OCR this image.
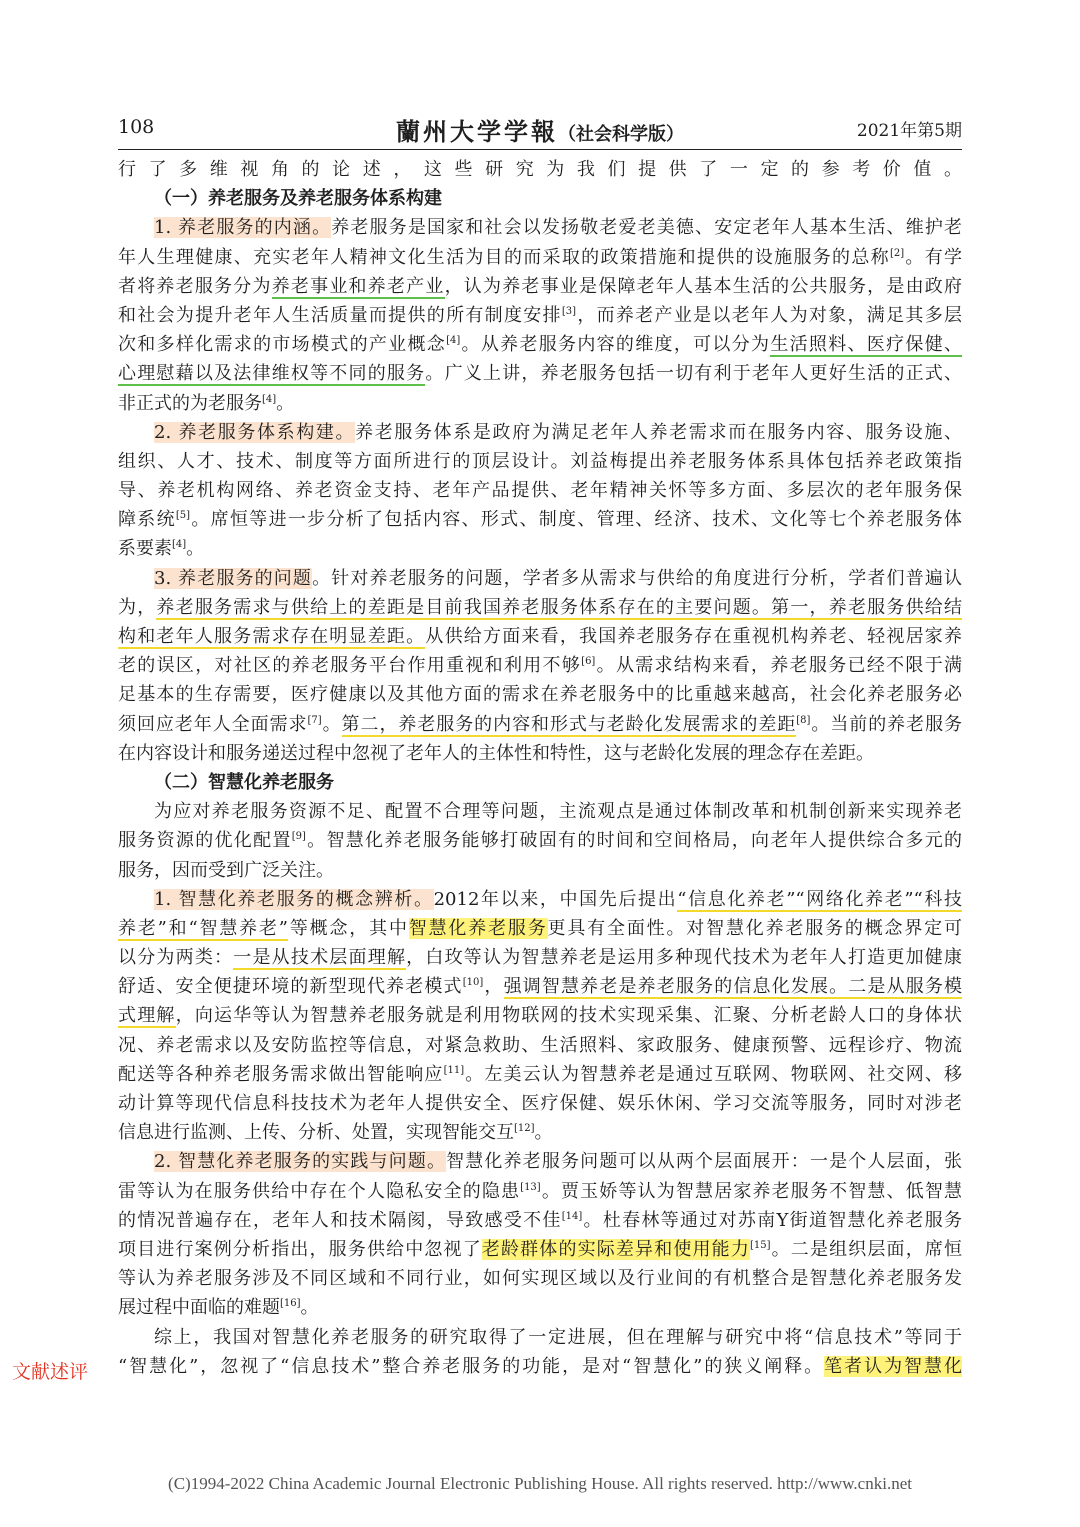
108	蘭州大学学報（社会科学版）	2021年第5期
行了多维视角的论述，这些研究为我们提供了一定的参考价值。
（一）养老服务及养老服务体系构建
1. 养老服务的内涵。养老服务是国家和社会以发扬敬老爱老美德、安定老年人基本生活、维护老
年人生理健康、充实老年人精神文化生活为目的而采取的政策措施和提供的设施服务的总称[2]。有学
者将养老服务分为养老事业和养老产业，认为养老事业是保障老年人基本生活的公共服务，是由政府
和社会为提升老年人生活质量而提供的所有制度安排[3]，而养老产业是以老年人为对象，满足其多层
次和多样化需求的市场模式的产业概念[4]。从养老服务内容的维度，可以分为生活照料、医疗保健、
心理慰藉以及法律维权等不同的服务。广义上讲，养老服务包括一切有利于老年人更好生活的正式、
非正式的为老服务[4]。
2. 养老服务体系构建。养老服务体系是政府为满足老年人养老需求而在服务内容、服务设施、
组织、人才、技术、制度等方面所进行的顶层设计。刘益梅提出养老服务体系具体包括养老政策指
导、养老机构网络、养老资金支持、老年产品提供、老年精神关怀等多方面、多层次的老年服务保
障系统[5]。席恒等进一步分析了包括内容、形式、制度、管理、经济、技术、文化等七个养老服务体
系要素[4]。
3. 养老服务的问题。针对养老服务的问题，学者多从需求与供给的角度进行分析，学者们普遍认
为，养老服务需求与供给上的差距是目前我国养老服务体系存在的主要问题。第一，养老服务供给结
构和老年人服务需求存在明显差距。从供给方面来看，我国养老服务存在重视机构养老、轻视居家养
老的误区，对社区的养老服务平台作用重视和利用不够[6]。从需求结构来看，养老服务已经不限于满
足基本的生存需要，医疗健康以及其他方面的需求在养老服务中的比重越来越高，社会化养老服务必
须回应老年人全面需求[7]。第二，养老服务的内容和形式与老龄化发展需求的差距[8]。当前的养老服务
在内容设计和服务递送过程中忽视了老年人的主体性和特性，这与老龄化发展的理念存在差距。
（二）智慧化养老服务
为应对养老服务资源不足、配置不合理等问题，主流观点是通过体制改革和机制创新来实现养老
服务资源的优化配置[9]。智慧化养老服务能够打破固有的时间和空间格局，向老年人提供综合多元的
服务，因而受到广泛关注。
1. 智慧化养老服务的概念辨析。2012年以来，中国先后提出“信息化养老”“网络化养老”“科技
养老”和“智慧养老”等概念，其中智慧化养老服务更具有全面性。对智慧化养老服务的概念界定可
以分为两类：一是从技术层面理解，白玫等认为智慧养老是运用多种现代技术为老年人打造更加健康
舒适、安全便捷环境的新型现代养老模式[10]，强调智慧养老是养老服务的信息化发展。二是从服务模
式理解，向运华等认为智慧养老服务就是利用物联网的技术实现采集、汇聚、分析老龄人口的身体状
况、养老需求以及安防监控等信息，对紧急救助、生活照料、家政服务、健康预警、远程诊疗、物流
配送等各种养老服务需求做出智能响应[11]。左美云认为智慧养老是通过互联网、物联网、社交网、移
动计算等现代信息科技技术为老年人提供安全、医疗保健、娱乐休闲、学习交流等服务，同时对涉老
信息进行监测、上传、分析、处置，实现智能交互[12]。
2. 智慧化养老服务的实践与问题。智慧化养老服务问题可以从两个层面展开：一是个人层面，张
雷等认为在服务供给中存在个人隐私安全的隐患[13]。贾玉娇等认为智慧居家养老服务不智慧、低智慧
的情况普遍存在，老年人和技术隔阂，导致感受不佳[14]。杜春林等通过对苏南Y街道智慧化养老服务
项目进行案例分析指出，服务供给中忽视了老龄群体的实际差异和使用能力[15]。二是组织层面，席恒
等认为养老服务涉及不同区域和不同行业，如何实现区域以及行业间的有机整合是智慧化养老服务发
展过程中面临的难题[16]。
综上，我国对智慧化养老服务的研究取得了一定进展，但在理解与研究中将“信息技术”等同于
“智慧化”，忽视了“信息技术”整合养老服务的功能，是对“智慧化”的狭义阐释。笔者认为智慧化
文献述评
(C)1994-2022 China Academic Journal Electronic Publishing House. All rights reserved. http://www.cnki.net
